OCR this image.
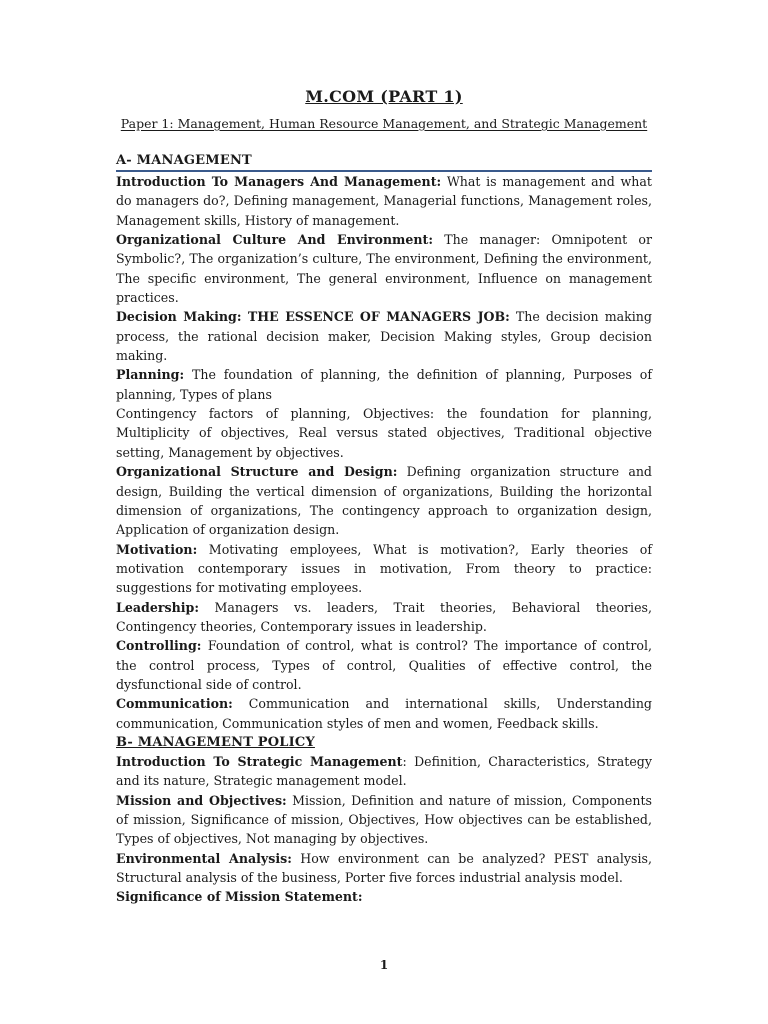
M.COM (PART 1)

Paper 1: Management, Human Resource Management, and Strategic Management

A- MANAGEMENT

Introduction To Managers And Management: What is management and what do managers do?, Defining management, Managerial functions, Management roles, Management skills, History of management.

Organizational Culture And Environment: The manager: Omnipotent or Symbolic?, The organization’s culture, The environment, Defining the environment, The specific environment, The general environment, Influence on management practices.

Decision Making: THE ESSENCE OF MANAGERS JOB: The decision making process, the rational decision maker, Decision Making styles, Group decision making.

Planning: The foundation of planning, the definition of planning, Purposes of planning, Types of plans

Contingency factors of planning, Objectives: the foundation for planning, Multiplicity of objectives, Real versus stated objectives, Traditional objective setting, Management by objectives.

Organizational Structure and Design: Defining organization structure and design, Building the vertical dimension of organizations, Building the horizontal dimension of organizations, The contingency approach to organization design, Application of organization design.

Motivation: Motivating employees, What is motivation?, Early theories of motivation contemporary issues in motivation, From theory to practice: suggestions for motivating employees.

Leadership: Managers vs. leaders, Trait theories, Behavioral theories, Contingency theories, Contemporary issues in leadership.

Controlling: Foundation of control, what is control? The importance of control, the control process, Types of control, Qualities of effective control, the dysfunctional side of control.

Communication: Communication and international skills, Understanding communication, Communication styles of men and women, Feedback skills.

B- MANAGEMENT POLICY

Introduction To Strategic Management: Definition, Characteristics, Strategy and its nature, Strategic management model.

Mission and Objectives: Mission, Definition and nature of mission, Components of mission, Significance of mission, Objectives, How objectives can be established, Types of objectives, Not managing by objectives.

Environmental Analysis: How environment can be analyzed? PEST analysis, Structural analysis of the business, Porter five forces industrial analysis model.

Significance of Mission Statement:

1
